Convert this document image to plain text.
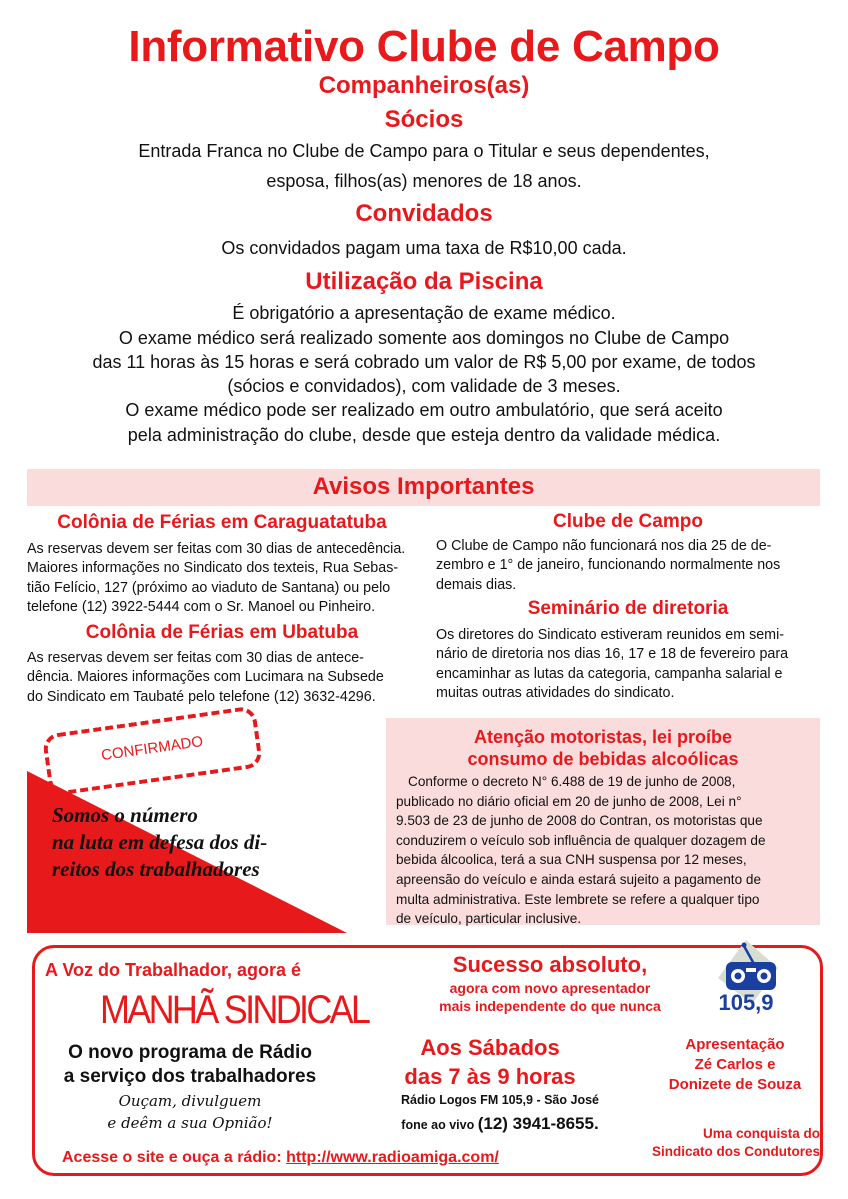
Informativo Clube de Campo
Companheiros(as)
Sócios
Entrada Franca no Clube de Campo para o Titular e seus dependentes,
esposa, filhos(as) menores de 18 anos.
Convidados
Os convidados pagam uma taxa de R$10,00 cada.
Utilização da Piscina
É obrigatório a apresentação de exame médico.
O exame médico será realizado somente aos domingos no Clube de Campo
das 11 horas às 15 horas e será cobrado um valor de R$ 5,00 por exame, de todos
(sócios e convidados), com validade de 3 meses.
O exame médico pode ser realizado em outro ambulatório, que será aceito
pela administração do clube, desde que esteja dentro da validade médica.
Avisos Importantes
Colônia de Férias em Caraguatatuba
As reservas devem ser feitas com 30 dias de antecedência.
Maiores informações no Sindicato dos texteis, Rua Sebas-
tião Felício, 127 (próximo ao viaduto de Santana) ou pelo
telefone (12) 3922-5444 com o Sr. Manoel ou Pinheiro.
Colônia de Férias em Ubatuba
As reservas devem ser feitas com 30 dias de antece-
dência. Maiores informações com Lucimara na Subsede
do Sindicato em Taubaté pelo telefone (12) 3632-4296.
Clube de Campo
O Clube de Campo não funcionará nos dia 25 de de-
zembro e 1° de janeiro, funcionando normalmente nos
demais dias.
Seminário de diretoria
Os diretores do Sindicato estiveram reunidos em semi-
nário de diretoria nos dias 16, 17 e 18 de fevereiro para
encaminhar as lutas da categoria, campanha salarial e
muitas outras atividades do sindicato.
CONFIRMADO
Somos o número
na luta em defesa dos di-
reitos dos trabalhadores
Atenção motoristas, lei proíbe
consumo de bebidas alcoólicas
Conforme o decreto N° 6.488 de 19 de junho de 2008,
publicado no diário oficial em 20 de junho de 2008, Lei n°
9.503 de 23 de junho de 2008 do Contran, os motoristas que
conduzirem o veículo sob influência de qualquer dozagem de
bebida álcoolica, terá a sua CNH suspensa por 12 meses,
apreensão do veículo e ainda estará sujeito a pagamento de
multa administrativa. Este lembrete se refere a qualquer tipo
de veículo, particular inclusive.
A Voz do Trabalhador, agora é
MANHÃ SINDICAL
O novo programa de Rádio
a serviço dos trabalhadores
Ouçam, divulguem
e deêm a sua Opnião!
Acesse o site e ouça a rádio: http://www.radioamiga.com/
Sucesso absoluto,
agora com novo apresentador
mais independente do que nunca
Aos Sábados
das 7 às 9 horas
Rádio Logos FM 105,9 - São José
fone ao vivo (12) 3941-8655.
105,9
Apresentação
Zé Carlos e
Donizete de Souza
Uma conquista do
Sindicato dos Condutores
